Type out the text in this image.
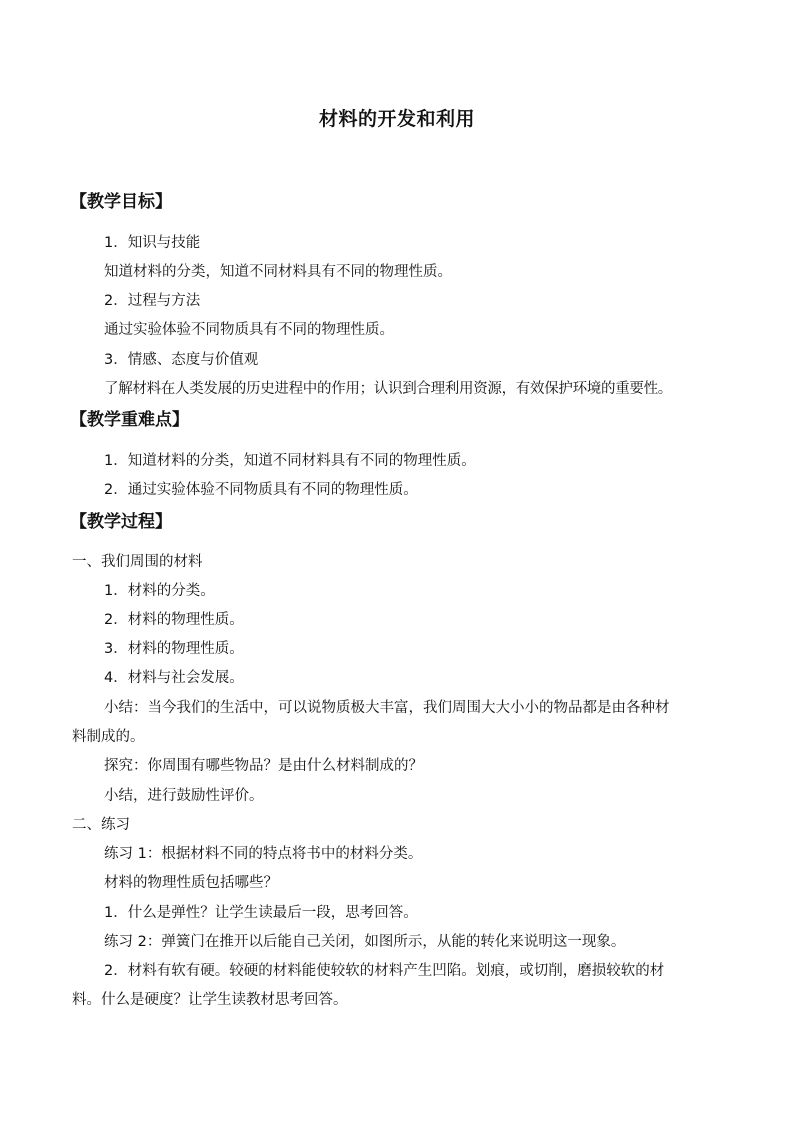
材料的开发和利用
【教学目标】
1．知识与技能
知道材料的分类，知道不同材料具有不同的物理性质。
2．过程与方法
通过实验体验不同物质具有不同的物理性质。
3．情感、态度与价值观
了解材料在人类发展的历史进程中的作用；认识到合理利用资源，有效保护环境的重要性。
【教学重难点】
1．知道材料的分类，知道不同材料具有不同的物理性质。
2．通过实验体验不同物质具有不同的物理性质。
【教学过程】
一、我们周围的材料
1．材料的分类。
2．材料的物理性质。
3．材料的物理性质。
4．材料与社会发展。
小结：当今我们的生活中，可以说物质极大丰富，我们周围大大小小的物品都是由各种材
料制成的。
探究：你周围有哪些物品？是由什么材料制成的？
小结，进行鼓励性评价。
二、练习
练习 1：根据材料不同的特点将书中的材料分类。
材料的物理性质包括哪些？
1．什么是弹性？让学生读最后一段，思考回答。
练习 2：弹簧门在推开以后能自己关闭，如图所示，从能的转化来说明这一现象。
2．材料有软有硬。较硬的材料能使较软的材料产生凹陷。划痕，或切削，磨损较软的材
料。什么是硬度？让学生读教材思考回答。
